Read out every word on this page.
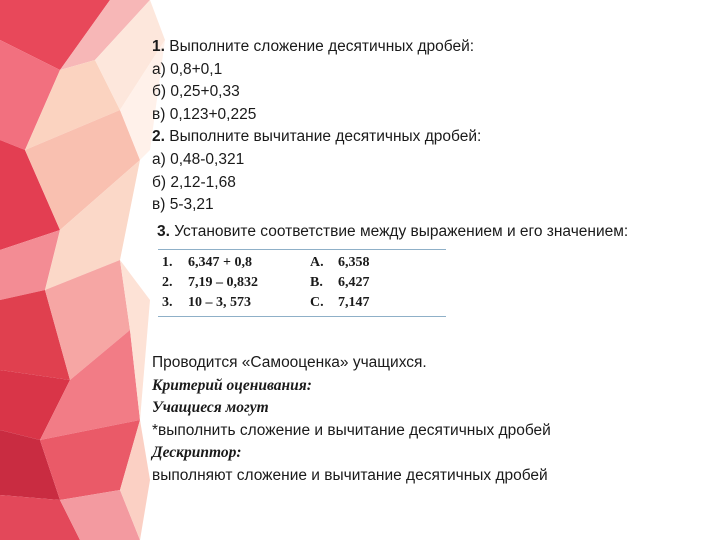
1. Выполните сложение десятичных дробей:
а) 0,8+0,1
б) 0,25+0,33
в) 0,123+0,225
2. Выполните вычитание десятичных дробей:
а) 0,48-0,321
б) 2,12-1,68
в) 5-3,21
3. Установите соответствие между выражением и его значением:
1.	6,347 + 0,8	А.	6,358
2.	7,19 – 0,832	В.	6,427
3.	10 – 3, 573	С.	7,147
Проводится «Самооценка» учащихся.
Критерий оценивания:
Учащиеся могут
*выполнить сложение и вычитание десятичных дробей
Дескриптор:
выполняют сложение и вычитание десятичных дробей
